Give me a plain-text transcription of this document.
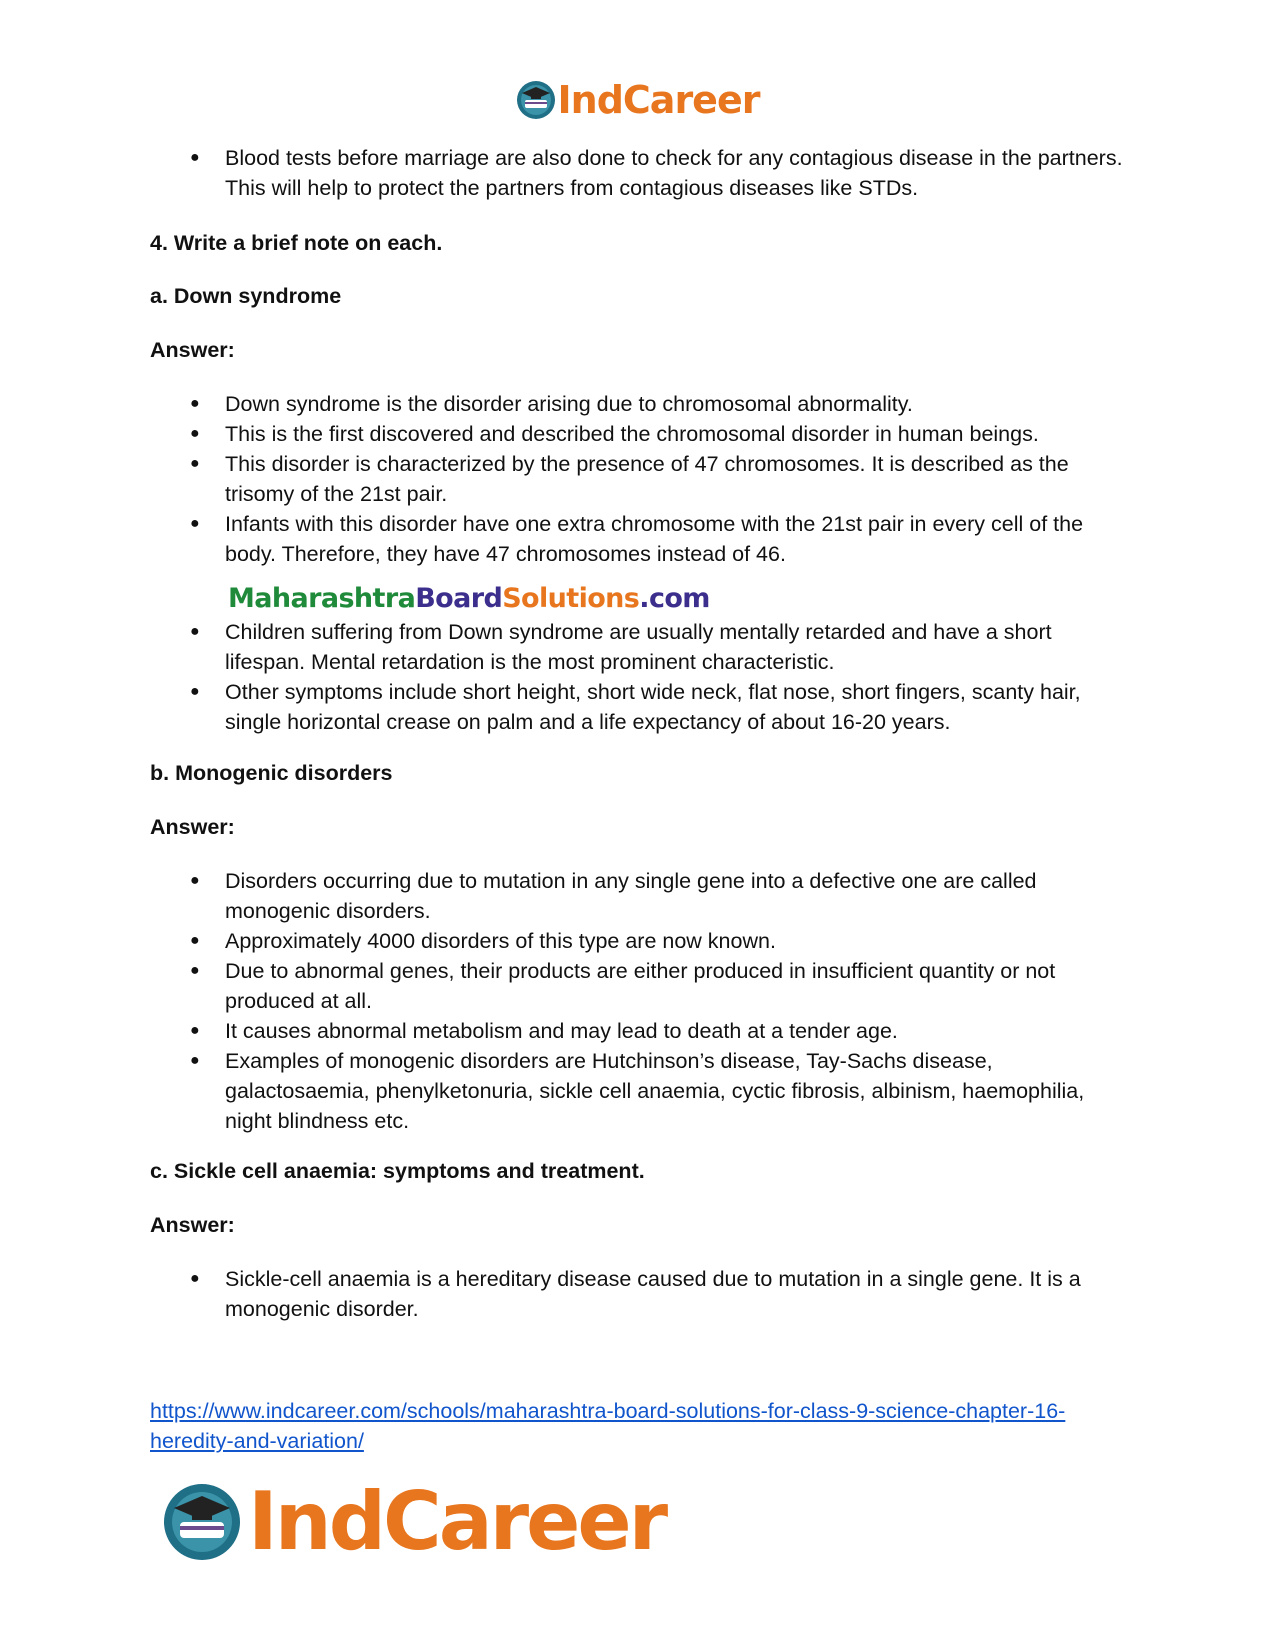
IndCareer
● Blood tests before marriage are also done to check for any contagious disease in the partners. This will help to protect the partners from contagious diseases like STDs.
4. Write a brief note on each.
a. Down syndrome
Answer:
● Down syndrome is the disorder arising due to chromosomal abnormality.
● This is the first discovered and described the chromosomal disorder in human beings.
● This disorder is characterized by the presence of 47 chromosomes. It is described as the trisomy of the 21st pair.
● Infants with this disorder have one extra chromosome with the 21st pair in every cell of the body. Therefore, they have 47 chromosomes instead of 46.
MaharashtraBoardSolutions.com
● Children suffering from Down syndrome are usually mentally retarded and have a short lifespan. Mental retardation is the most prominent characteristic.
● Other symptoms include short height, short wide neck, flat nose, short fingers, scanty hair, single horizontal crease on palm and a life expectancy of about 16-20 years.
b. Monogenic disorders
Answer:
● Disorders occurring due to mutation in any single gene into a defective one are called monogenic disorders.
● Approximately 4000 disorders of this type are now known.
● Due to abnormal genes, their products are either produced in insufficient quantity or not produced at all.
● It causes abnormal metabolism and may lead to death at a tender age.
● Examples of monogenic disorders are Hutchinson’s disease, Tay-Sachs disease, galactosaemia, phenylketonuria, sickle cell anaemia, cyctic fibrosis, albinism, haemophilia, night blindness etc.
c. Sickle cell anaemia: symptoms and treatment.
Answer:
● Sickle-cell anaemia is a hereditary disease caused due to mutation in a single gene. It is a monogenic disorder.
https://www.indcareer.com/schools/maharashtra-board-solutions-for-class-9-science-chapter-16-heredity-and-variation/
IndCareer
